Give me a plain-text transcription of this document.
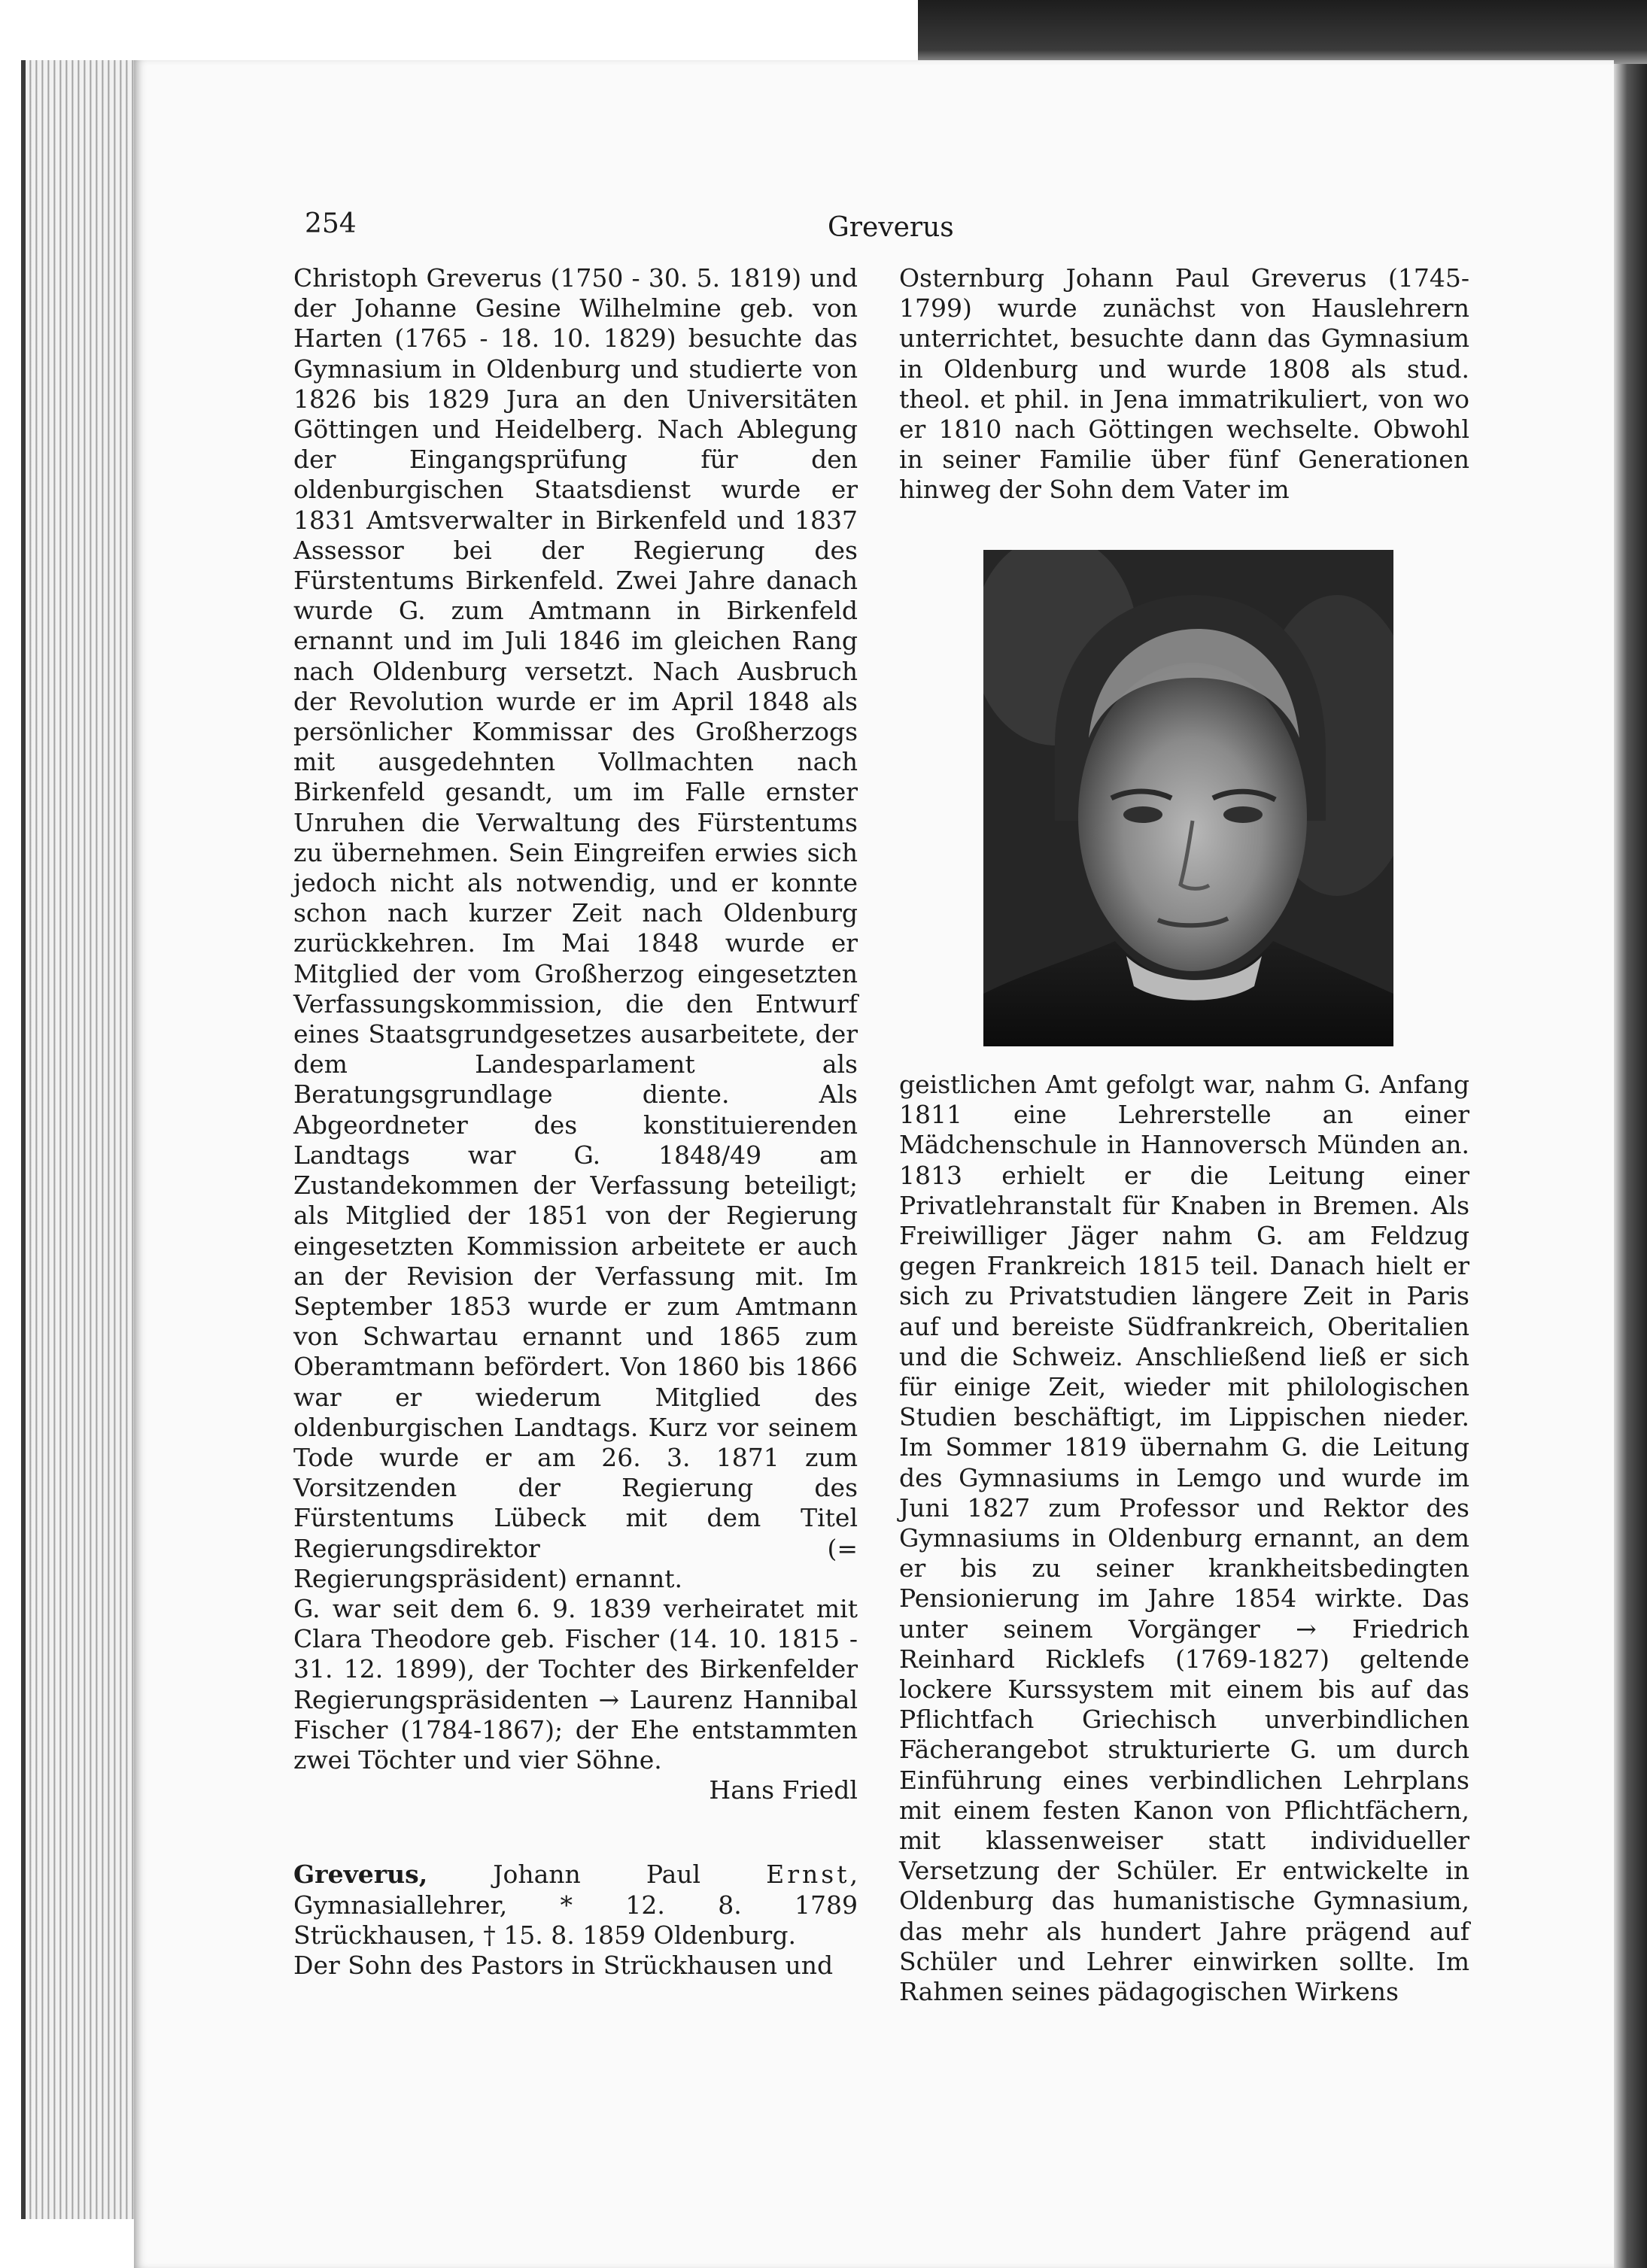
254	Greverus

Christoph Greverus (1750 - 30. 5. 1819) und der Johanne Gesine Wilhelmine geb. von Harten (1765 - 18. 10. 1829) besuchte das Gymnasium in Oldenburg und studierte von 1826 bis 1829 Jura an den Universitäten Göttingen und Heidelberg. Nach Ablegung der Eingangsprüfung für den oldenburgischen Staatsdienst wurde er 1831 Amtsverwalter in Birkenfeld und 1837 Assessor bei der Regierung des Fürstentums Birkenfeld. Zwei Jahre danach wurde G. zum Amtmann in Birkenfeld ernannt und im Juli 1846 im gleichen Rang nach Oldenburg versetzt. Nach Ausbruch der Revolution wurde er im April 1848 als persönlicher Kommissar des Großherzogs mit ausgedehnten Vollmachten nach Birkenfeld gesandt, um im Falle ernster Unruhen die Verwaltung des Fürstentums zu übernehmen. Sein Eingreifen erwies sich jedoch nicht als notwendig, und er konnte schon nach kurzer Zeit nach Oldenburg zurückkehren. Im Mai 1848 wurde er Mitglied der vom Großherzog eingesetzten Verfassungskommission, die den Entwurf eines Staatsgrundgesetzes ausarbeitete, der dem Landesparlament als Beratungsgrundlage diente. Als Abgeordneter des konstituierenden Landtags war G. 1848/49 am Zustandekommen der Verfassung beteiligt; als Mitglied der 1851 von der Regierung eingesetzten Kommission arbeitete er auch an der Revision der Verfassung mit. Im September 1853 wurde er zum Amtmann von Schwartau ernannt und 1865 zum Oberamtmann befördert. Von 1860 bis 1866 war er wiederum Mitglied des oldenburgischen Landtags. Kurz vor seinem Tode wurde er am 26. 3. 1871 zum Vorsitzenden der Regierung des Fürstentums Lübeck mit dem Titel Regierungsdirektor (= Regierungspräsident) ernannt.

G. war seit dem 6. 9. 1839 verheiratet mit Clara Theodore geb. Fischer (14. 10. 1815 - 31. 12. 1899), der Tochter des Birkenfelder Regierungspräsidenten → Laurenz Hannibal Fischer (1784-1867); der Ehe entstammten zwei Töchter und vier Söhne.

Hans Friedl

Greverus, Johann Paul Ernst, Gymnasiallehrer, * 12. 8. 1789 Strückhausen, † 15. 8. 1859 Oldenburg.

Der Sohn des Pastors in Strückhausen und

Osternburg Johann Paul Greverus (1745-1799) wurde zunächst von Hauslehrern unterrichtet, besuchte dann das Gymnasium in Oldenburg und wurde 1808 als stud. theol. et phil. in Jena immatrikuliert, von wo er 1810 nach Göttingen wechselte. Obwohl in seiner Familie über fünf Generationen hinweg der Sohn dem Vater im

geistlichen Amt gefolgt war, nahm G. Anfang 1811 eine Lehrerstelle an einer Mädchenschule in Hannoversch Münden an. 1813 erhielt er die Leitung einer Privatlehranstalt für Knaben in Bremen. Als Freiwilliger Jäger nahm G. am Feldzug gegen Frankreich 1815 teil. Danach hielt er sich zu Privatstudien längere Zeit in Paris auf und bereiste Südfrankreich, Oberitalien und die Schweiz. Anschließend ließ er sich für einige Zeit, wieder mit philologischen Studien beschäftigt, im Lippischen nieder. Im Sommer 1819 übernahm G. die Leitung des Gymnasiums in Lemgo und wurde im Juni 1827 zum Professor und Rektor des Gymnasiums in Oldenburg ernannt, an dem er bis zu seiner krankheitsbedingten Pensionierung im Jahre 1854 wirkte. Das unter seinem Vorgänger → Friedrich Reinhard Ricklefs (1769-1827) geltende lockere Kurssystem mit einem bis auf das Pflichtfach Griechisch unverbindlichen Fächerangebot strukturierte G. um durch Einführung eines verbindlichen Lehrplans mit einem festen Kanon von Pflichtfächern, mit klassenweiser statt individueller Versetzung der Schüler. Er entwickelte in Oldenburg das humanistische Gymnasium, das mehr als hundert Jahre prägend auf Schüler und Lehrer einwirken sollte. Im Rahmen seines pädagogischen Wirkens
